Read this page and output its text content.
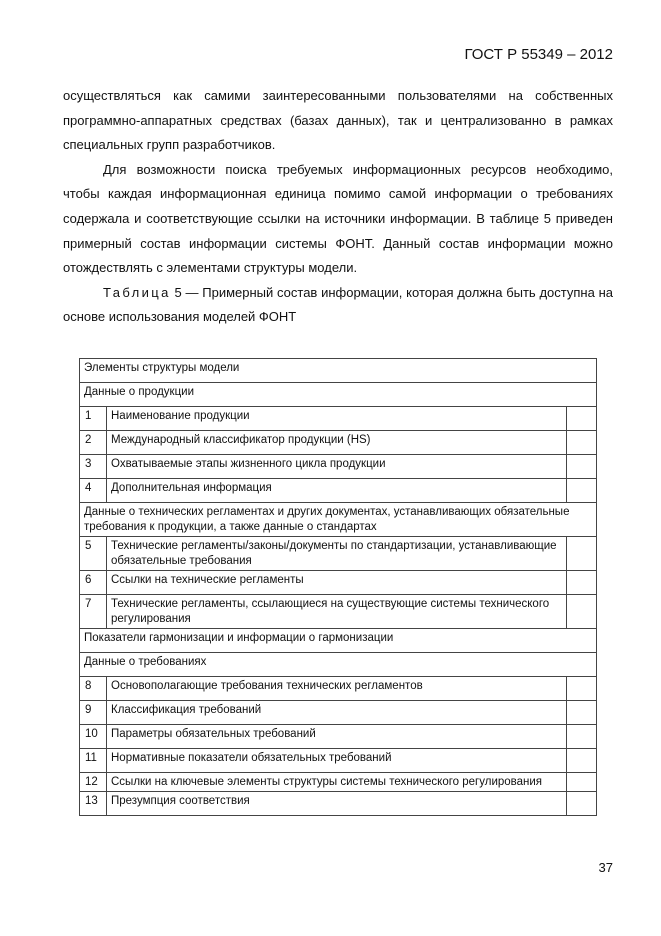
ГОСТ Р 55349 – 2012

осуществляться как самими заинтересованными пользователями на собственных программно-аппаратных средствах (базах данных), так и централизованно в рамках специальных групп разработчиков.

Для возможности поиска требуемых информационных ресурсов необходимо, чтобы каждая информационная единица помимо самой информации о требованиях содержала и соответствующие ссылки на источники информации. В таблице 5 приведен примерный состав информации системы ФОНТ. Данный состав информации можно отождествлять с элементами структуры модели.

Таблица 5 — Примерный состав информации, которая должна быть доступна на основе использования моделей ФОНТ

Элементы структуры модели		
Данные о продукции		
1	Наименование продукции	
2	Международный классификатор продукции (HS)	
3	Охватываемые этапы жизненного цикла продукции	
4	Дополнительная информация	
Данные о технических регламентах и других документах, устанавливающих обязательные требования к продукции, а также данные о стандартах		
5	Технические регламенты/законы/документы по стандартизации, устанавливающие обязательные требования	
6	Ссылки на технические регламенты	
7	Технические регламенты, ссылающиеся на существующие системы технического регулирования	
Показатели гармонизации и информации о гармонизации		
Данные о требованиях		
8	Основополагающие требования технических регламентов	
9	Классификация требований	
10	Параметры обязательных требований	
11	Нормативные показатели обязательных требований	
12	Ссылки на ключевые элементы структуры системы технического регулирования	
13	Презумпция соответствия	
37
